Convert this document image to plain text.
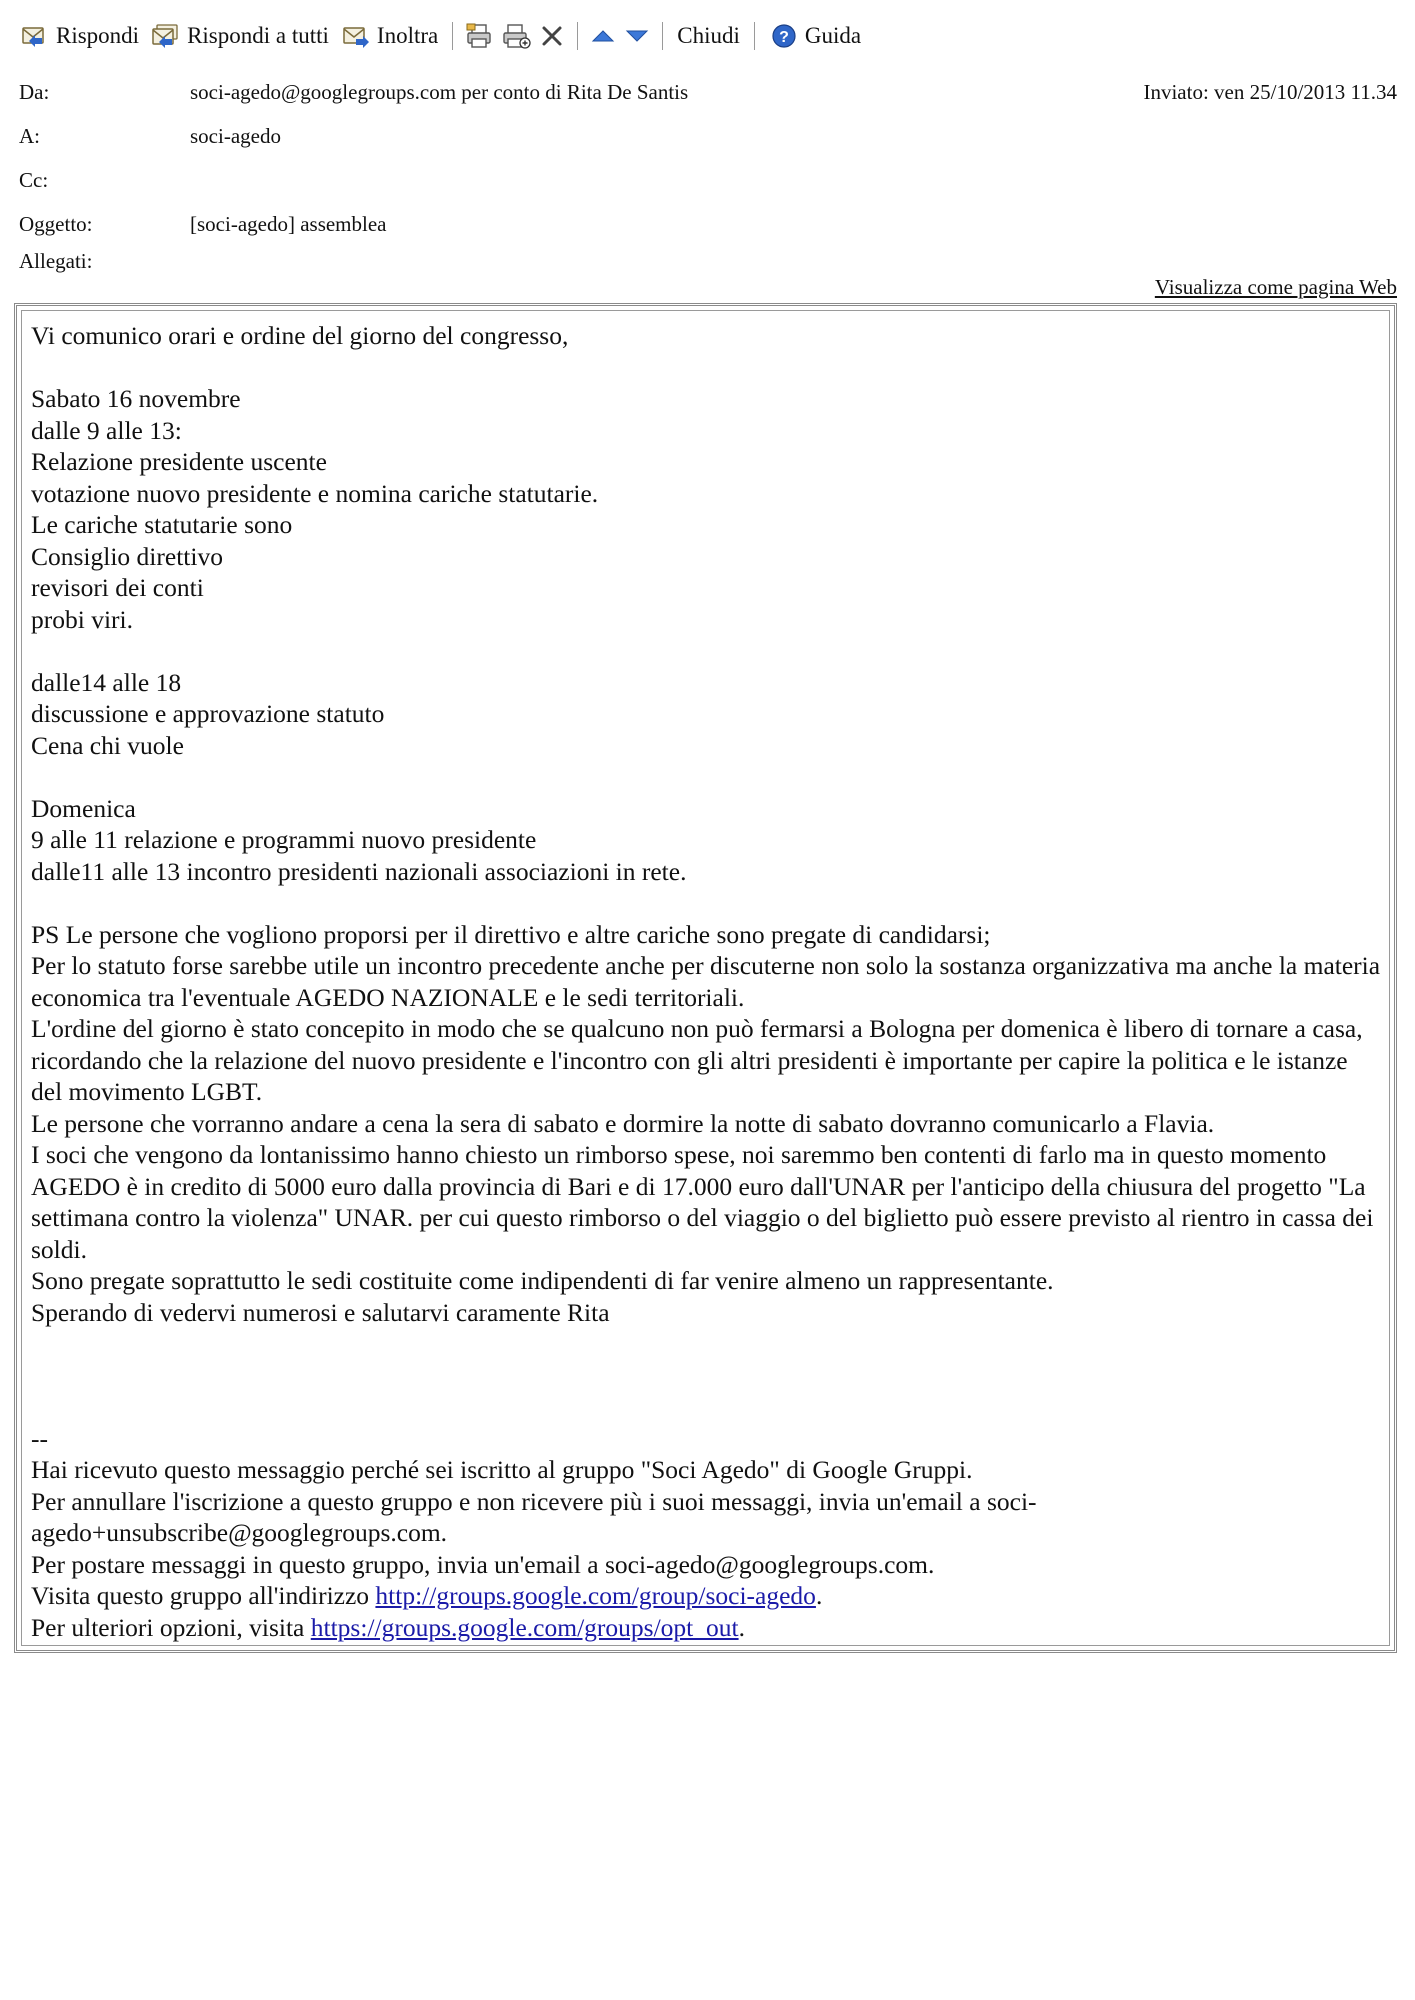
Rispondi Rispondi a tutti Inoltra	Chiudi ? Guida
Da:	soci-agedo@googlegroups.com per conto di Rita De Santis	Inviato: ven 25/10/2013 11.34
A:	soci-agedo
Cc:
Oggetto:	[soci-agedo] assemblea
Allegati:
Visualizza come pagina Web

Vi comunico orari e ordine del giorno del congresso,

Sabato 16 novembre

dalle 9 alle 13:

Relazione presidente uscente

votazione nuovo presidente e nomina cariche statutarie.

Le cariche statutarie sono

Consiglio direttivo

revisori dei conti

probi viri.

dalle14 alle 18

discussione e approvazione statuto

Cena chi vuole

Domenica

9 alle 11 relazione e programmi nuovo presidente

dalle11 alle 13 incontro presidenti nazionali associazioni in rete.

PS Le persone che vogliono proporsi per il direttivo e altre cariche sono pregate di candidarsi;

Per lo statuto forse sarebbe utile un incontro precedente anche per discuterne non solo la sostanza organizzativa ma anche la materia economica tra l'eventuale AGEDO NAZIONALE e le sedi territoriali.

L'ordine del giorno è stato concepito in modo che se qualcuno non può fermarsi a Bologna per domenica è libero di tornare a casa, ricordando che la relazione del nuovo presidente e l'incontro con gli altri presidenti è importante per capire la politica e le istanze del movimento LGBT.

Le persone che vorranno andare a cena la sera di sabato e dormire la notte di sabato dovranno comunicarlo a Flavia.

I soci che vengono da lontanissimo hanno chiesto un rimborso spese, noi saremmo ben contenti di farlo ma in questo momento AGEDO è in credito di 5000 euro dalla provincia di Bari e di 17.000 euro dall'UNAR per l'anticipo della chiusura del progetto "La settimana contro la violenza" UNAR. per cui questo rimborso o del viaggio o del biglietto può essere previsto al rientro in cassa dei soldi.

Sono pregate soprattutto le sedi costituite come indipendenti di far venire almeno un rappresentante.

Sperando di vedervi numerosi e salutarvi caramente Rita

--

Hai ricevuto questo messaggio perché sei iscritto al gruppo "Soci Agedo" di Google Gruppi.

Per annullare l'iscrizione a questo gruppo e non ricevere più i suoi messaggi, invia un'email a soci-agedo+unsubscribe@googlegroups.com.

Per postare messaggi in questo gruppo, invia un'email a soci-agedo@googlegroups.com.

Visita questo gruppo all'indirizzo http://groups.google.com/group/soci-agedo.

Per ulteriori opzioni, visita https://groups.google.com/groups/opt_out.
